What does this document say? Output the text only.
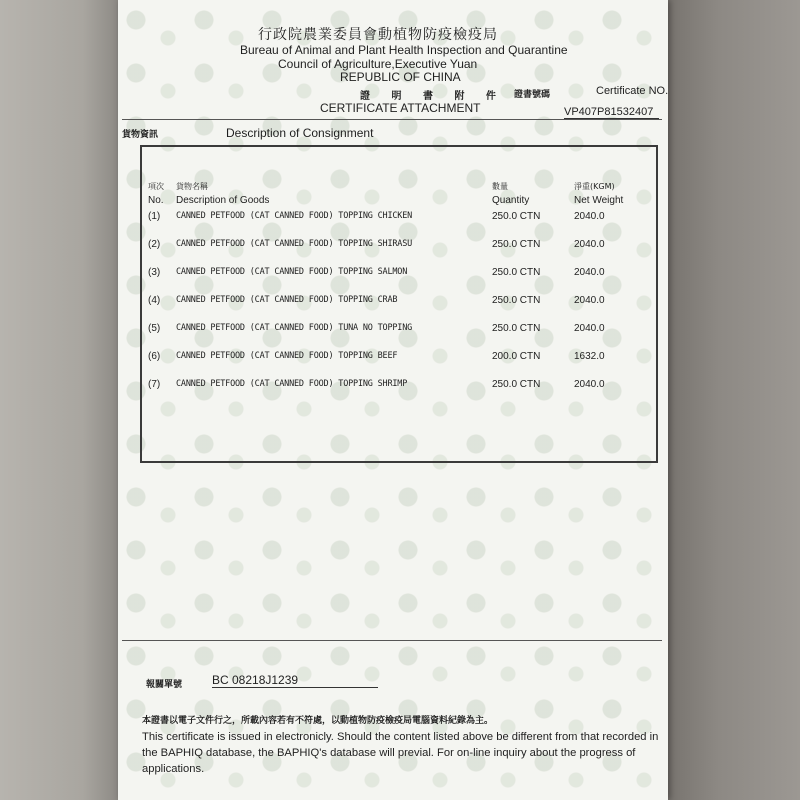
行政院農業委員會動植物防疫檢疫局
Bureau of Animal and Plant Health Inspection and Quarantine
Council of Agriculture,Executive Yuan
REPUBLIC OF CHINA
證 明 書 附 件
CERTIFICATE ATTACHMENT
證書號碼	Certificate NO.
VP407P81532407
貨物資訊	Description of Consignment
項次 貨物名稱	數量	淨重(KGM)
No. Description of Goods	Quantity	Net Weight
(1) CANNED PETFOOD (CAT CANNED FOOD) TOPPING CHICKEN	250.0 CTN	2040.0
(2) CANNED PETFOOD (CAT CANNED FOOD) TOPPING SHIRASU	250.0 CTN	2040.0
(3) CANNED PETFOOD (CAT CANNED FOOD) TOPPING SALMON	250.0 CTN	2040.0
(4) CANNED PETFOOD (CAT CANNED FOOD) TOPPING CRAB	250.0 CTN	2040.0
(5) CANNED PETFOOD (CAT CANNED FOOD) TUNA NO TOPPING	250.0 CTN	2040.0
(6) CANNED PETFOOD (CAT CANNED FOOD) TOPPING BEEF	200.0 CTN	1632.0
(7) CANNED PETFOOD (CAT CANNED FOOD) TOPPING SHRIMP	250.0 CTN	2040.0
報關單號 BC 08218J1239
本證書以電子文件行之，所載內容若有不符處，以動植物防疫檢疫局電腦資料紀錄為主。
This certificate is issued in electronicly. Should the content listed above be different from that recorded in the BAPHIQ database, the BAPHIQ's database will previal. For on-line inquiry about the progress of applications.
